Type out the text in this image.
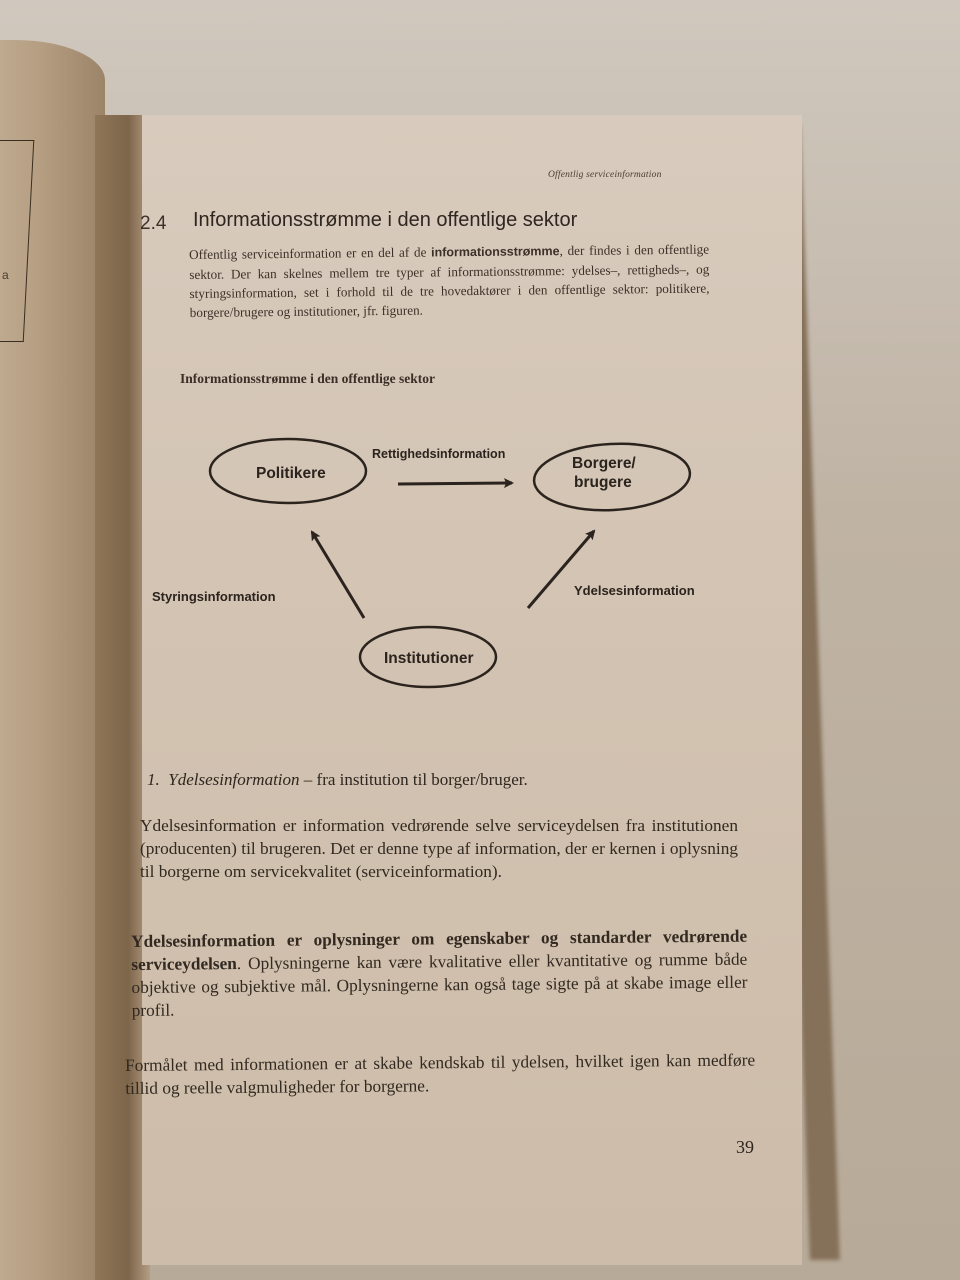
a
Offentlig serviceinformation
2.4 Informationsstrømme i den offentlige sektor
Offentlig serviceinformation er en del af de informationsstrømme, der findes i den offentlige sektor. Der kan skelnes mellem tre typer af informationsstrømme: ydelses–, rettigheds–, og styringsinformation, set i forhold til de tre hovedaktører i den offentlige sektor: politikere, borgere/brugere og institutioner, jfr. figuren.
Informationsstrømme i den offentlige sektor
Politikere
Borgere/
brugere
Institutioner
Rettighedsinformation
Styringsinformation	Ydelsesinformation
1. Ydelsesinformation – fra institution til borger/bruger.
Ydelsesinformation er information vedrørende selve serviceydelsen fra institutionen (producenten) til brugeren. Det er denne type af information, der er kernen i oplysning til borgerne om servicekvalitet (serviceinformation).
Ydelsesinformation er oplysninger om egenskaber og standarder vedrørende serviceydelsen. Oplysningerne kan være kvalitative eller kvantitative og rumme både objektive og subjektive mål. Oplysningerne kan også tage sigte på at skabe image eller profil.
Formålet med informationen er at skabe kendskab til ydelsen, hvilket igen kan medføre tillid og reelle valgmuligheder for borgerne.
39
